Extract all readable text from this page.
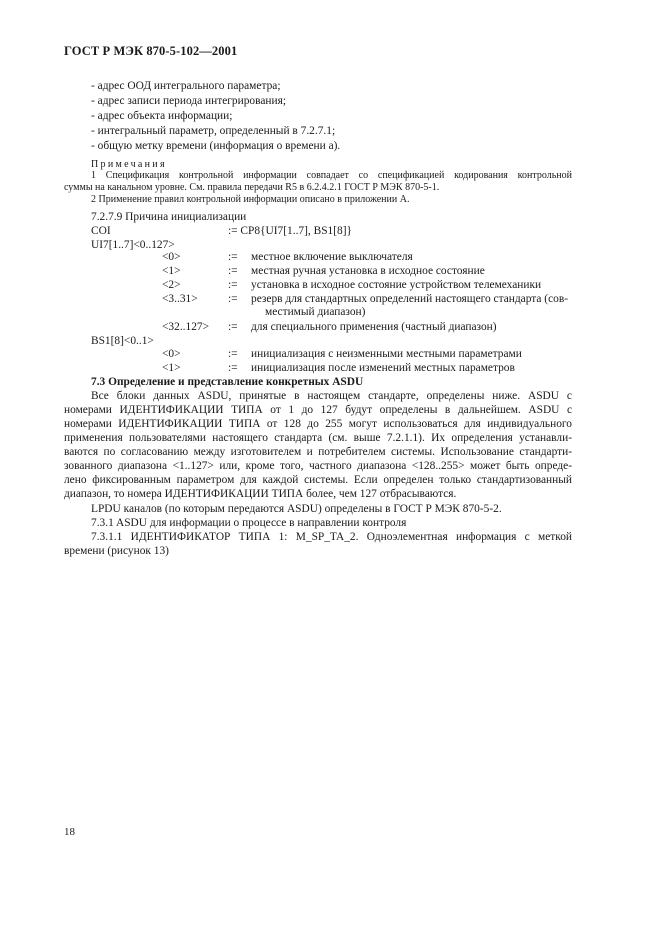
ГОСТ Р МЭК 870-5-102—2001
- адрес ООД интегрального параметра;
- адрес записи периода интегрирования;
- адрес объекта информации;
- интегральный параметр, определенный в 7.2.7.1;
- общую метку времени (информация о времени а).
Примечания
1 Спецификация контрольной информации совпадает со спецификацией кодирования контрольной
суммы на канальном уровне. См. правила передачи R5 в 6.2.4.2.1 ГОСТ Р МЭК 870-5-1.
2 Применение правил контрольной информации описано в приложении А.
7.2.7.9 Причина инициализации
COI	:= CP8{UI7[1..7], BS1[8]}
UI7[1..7]<0..127>
<0>	:= местное включение выключателя
<1>	:= местная ручная установка в исходное состояние
<2>	:= установка в исходное состояние устройством телемеханики
<3..31>	:= резерв для стандартных определений настоящего стандарта (сов-
местимый диапазон)
<32..127> := для специального применения (частный диапазон)
BS1[8]<0..1>
<0>	:= инициализация с неизменными местными параметрами
<1>	:= инициализация после изменений местных параметров
7.3 Определение и представление конкретных ASDU
Все блоки данных ASDU, принятые в настоящем стандарте, определены ниже. ASDU с
номерами ИДЕНТИФИКАЦИИ ТИПА от 1 до 127 будут определены в дальнейшем. ASDU с
номерами ИДЕНТИФИКАЦИИ ТИПА от 128 до 255 могут использоваться для индивидуального
применения пользователями настоящего стандарта (см. выше 7.2.1.1). Их определения устанавли-
ваются по согласованию между изготовителем и потребителем системы. Использование стандарти-
зованного диапазона <1..127> или, кроме того, частного диапазона <128..255> может быть опреде-
лено фиксированным параметром для каждой системы. Если определен только стандартизованный
диапазон, то номера ИДЕНТИФИКАЦИИ ТИПА более, чем 127 отбрасываются.
LPDU каналов (по которым передаются ASDU) определены в ГОСТ Р МЭК 870-5-2.
7.3.1 ASDU для информации о процессе в направлении контроля
7.3.1.1 ИДЕНТИФИКАТОР ТИПА 1: M_SP_TA_2. Одноэлементная информация с меткой
времени (рисунок 13)
18
